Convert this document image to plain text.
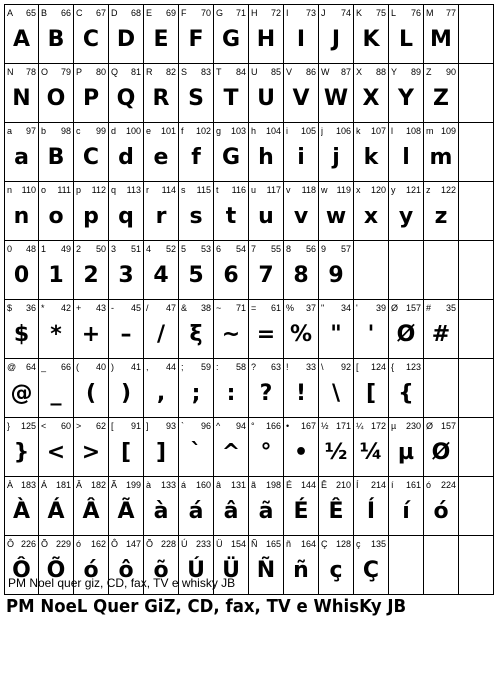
A 65
A
B 66
B
C 67
C
D 68
D
E 69
E
F 70
F
G 71
G
H 72
H
I 73
I
J 74
J
K 75
K
L 76
L
M 77
M
N 78
N
O 79
O
P 80
P
Q 81
Q
R 82
R
S 83
S
T 84
T
U 85
U
V 86
V
W 87
W
X 88
X
Y 89
Y
Z 90
Z
a 97
a
b 98
B
c 99
C
d 100
d
e 101
e
f 102
f
g 103
G
h 104
h
i 105
i
j 106
j
k 107
k
l 108
l
m 109
m
n 110
n
o 111
o
p 112
p
q 113
q
r 114
r
s 115
s
t 116
t
u 117
u
v 118
v
w 119
w
x 120
x
y 121
y
z 122
z
0 48
0
1 49
1
2 50
2
3 51
3
4 52
4
5 53
5
6 54
6
7 55
7
8 56
8
9 57
9
$ 36
$
* 42
*
+ 43
+
- 45
–
/ 47
/
& 38
ξ
~ 71
~
= 61
=
% 37
%
" 34
"
' 39
'
Ø 157
Ø
# 35
#
@ 64
@
_ 66
_
( 40
(
) 41
)
, 44
,
; 59
;
: 58
:
? 63
?
! 33
!
\ 92
\
[ 124
[
{ 123
{
} 125
}
< 60
<
> 62
>
[ 91
[
] 93
]
` 96
`
^ 94
^
° 166
°
• 167
•
½ 171
½
¼ 172
¼
µ 230
µ
Ø 157
Ø
À 183
À
Á 181
Á
Â 182
Â
Ã 199
Ã
à 133
à
á 160
á
â 131
â
ã 198
ã
É 144
É
Ê 210
Ê
Í 214
Í
í 161
í
ó 224
ó
Ô 226
Ô
Õ 229
Õ
ó 162
ó
Ô 147
ô
Õ 228
õ
Ú 233
Ú
Ü 154
Ü
Ñ 165
Ñ
ñ 164
ñ
Ç 128
ç
ç 135
Ç
PM Noel quer giz, CD, fax, TV e whisky JB
PM NoeL Quer GiZ, CD, fax, TV e WhisKy JB
